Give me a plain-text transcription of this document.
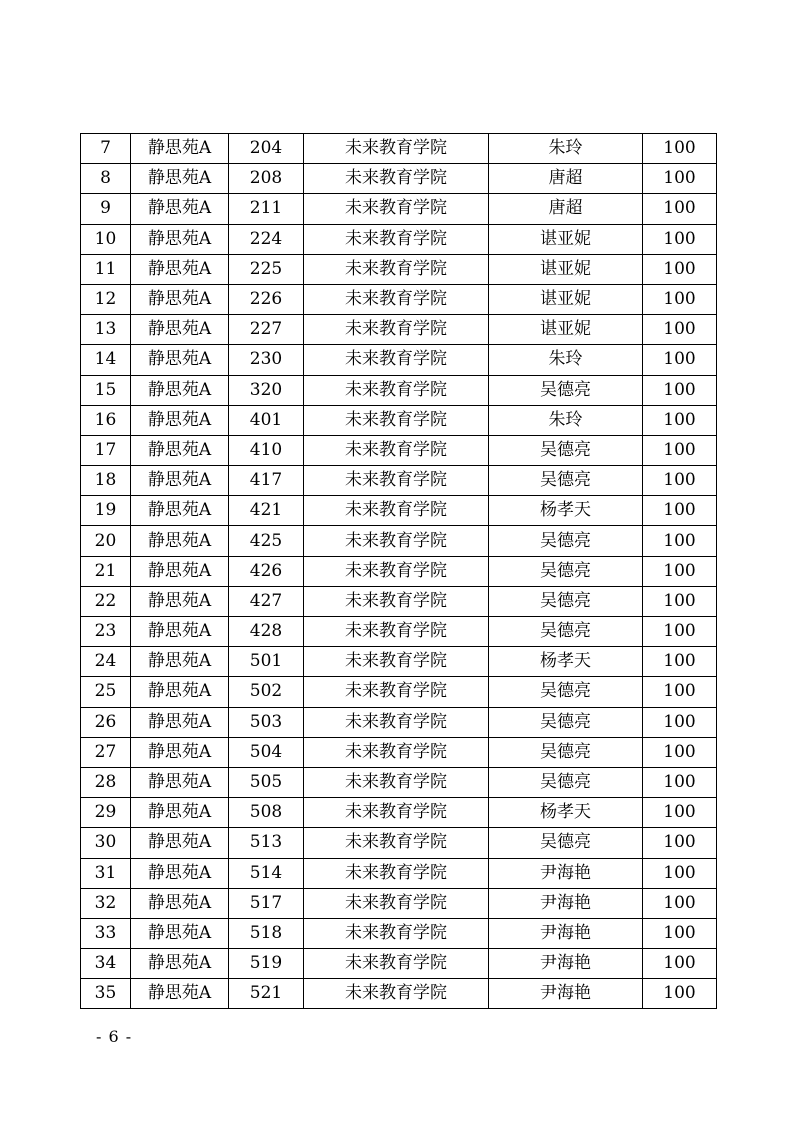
7	静思苑A	204	未来教育学院	朱玲	100
8	静思苑A	208	未来教育学院	唐超	100
9	静思苑A	211	未来教育学院	唐超	100
10	静思苑A	224	未来教育学院	谌亚妮	100
11	静思苑A	225	未来教育学院	谌亚妮	100
12	静思苑A	226	未来教育学院	谌亚妮	100
13	静思苑A	227	未来教育学院	谌亚妮	100
14	静思苑A	230	未来教育学院	朱玲	100
15	静思苑A	320	未来教育学院	吴德亮	100
16	静思苑A	401	未来教育学院	朱玲	100
17	静思苑A	410	未来教育学院	吴德亮	100
18	静思苑A	417	未来教育学院	吴德亮	100
19	静思苑A	421	未来教育学院	杨孝天	100
20	静思苑A	425	未来教育学院	吴德亮	100
21	静思苑A	426	未来教育学院	吴德亮	100
22	静思苑A	427	未来教育学院	吴德亮	100
23	静思苑A	428	未来教育学院	吴德亮	100
24	静思苑A	501	未来教育学院	杨孝天	100
25	静思苑A	502	未来教育学院	吴德亮	100
26	静思苑A	503	未来教育学院	吴德亮	100
27	静思苑A	504	未来教育学院	吴德亮	100
28	静思苑A	505	未来教育学院	吴德亮	100
29	静思苑A	508	未来教育学院	杨孝天	100
30	静思苑A	513	未来教育学院	吴德亮	100
31	静思苑A	514	未来教育学院	尹海艳	100
32	静思苑A	517	未来教育学院	尹海艳	100
33	静思苑A	518	未来教育学院	尹海艳	100
34	静思苑A	519	未来教育学院	尹海艳	100
35	静思苑A	521	未来教育学院	尹海艳	100
- 6 -
